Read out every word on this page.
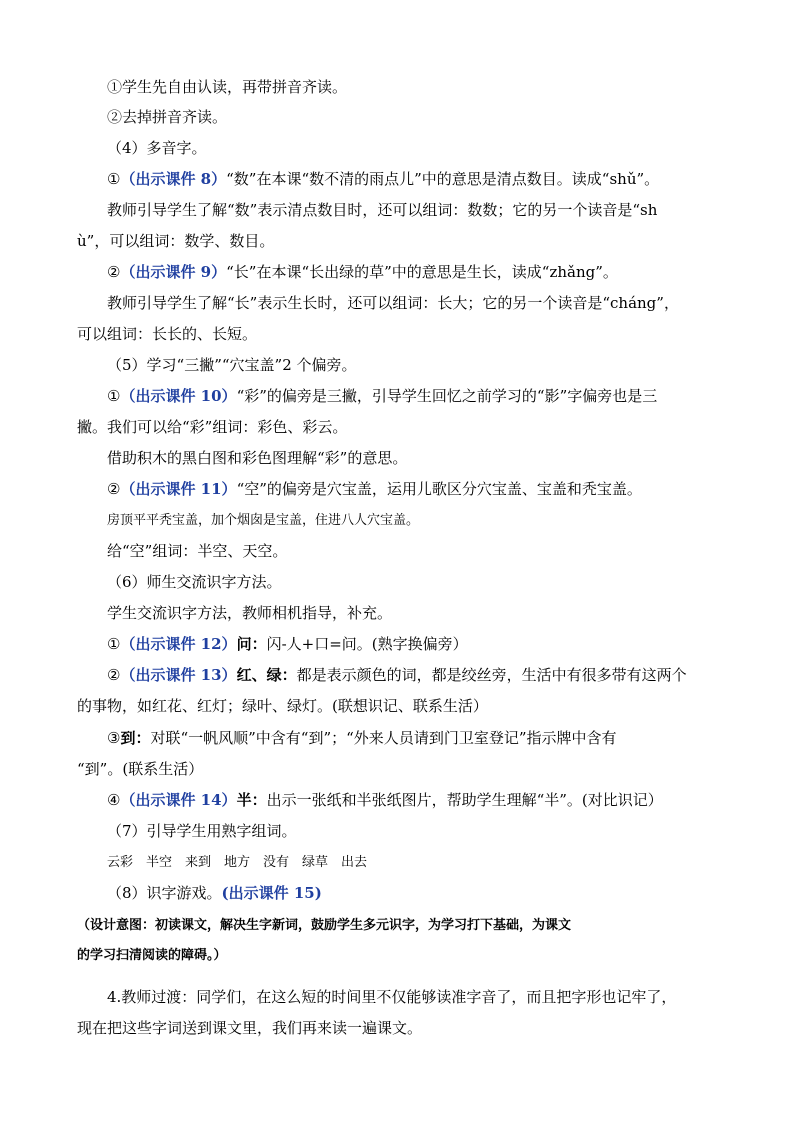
①学生先自由认读，再带拼音齐读。
②去掉拼音齐读。
（4）多音字。
①（出示课件 8）“数”在本课“数不清的雨点儿”中的意思是清点数目。读成“shǔ”。
教师引导学生了解“数”表示清点数目时，还可以组词：数数；它的另一个读音是“sh
ù”，可以组词：数学、数目。
②（出示课件 9）“长”在本课“长出绿的草”中的意思是生长，读成“zhǎng”。
教师引导学生了解“长”表示生长时，还可以组词：长大；它的另一个读音是“cháng”，
可以组词：长长的、长短。
（5）学习“三撇”“穴宝盖”2 个偏旁。
①（出示课件 10）“彩”的偏旁是三撇，引导学生回忆之前学习的“影”字偏旁也是三
撇。我们可以给“彩”组词：彩色、彩云。
借助积木的黑白图和彩色图理解“彩”的意思。
②（出示课件 11）“空”的偏旁是穴宝盖，运用儿歌区分穴宝盖、宝盖和秃宝盖。
房顶平平秃宝盖，加个烟囱是宝盖，住进八人穴宝盖。
给“空”组词：半空、天空。
（6）师生交流识字方法。
学生交流识字方法，教师相机指导，补充。
①（出示课件 12）问：闪-人+口=问。(熟字换偏旁）
②（出示课件 13）红、绿：都是表示颜色的词，都是绞丝旁，生活中有很多带有这两个
的事物，如红花、红灯；绿叶、绿灯。(联想识记、联系生活）
③到：对联“一帆风顺”中含有“到”；“外来人员请到门卫室登记”指示牌中含有
“到”。(联系生活）
④（出示课件 14）半：出示一张纸和半张纸图片，帮助学生理解“半”。(对比识记）
（7）引导学生用熟字组词。
云彩　半空　来到　地方　没有　绿草　出去
（8）识字游戏。(出示课件 15)
（设计意图：初读课文，解决生字新词，鼓励学生多元识字，为学习打下基础，为课文
的学习扫清阅读的障碍。）
4.教师过渡：同学们，在这么短的时间里不仅能够读准字音了，而且把字形也记牢了，
现在把这些字词送到课文里，我们再来读一遍课文。
